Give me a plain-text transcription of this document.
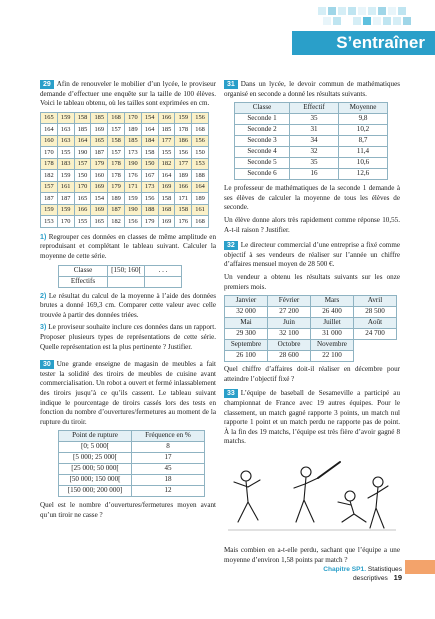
S’entraîner

29 Afin de renouveler le mobilier d’un lycée, le proviseur demande d’effectuer une enquête sur la taille de 100 élèves. Voici le tableau obtenu, où les tailles sont exprimées en cm.

165	159	158	185	168	170	154	166	159	156
164	163	185	169	157	189	164	185	178	168
160	163	164	165	158	185	184	177	186	156
170	155	190	187	157	173	158	155	156	150
178	183	157	179	178	190	150	182	177	153
182	159	150	160	178	176	167	164	189	188
157	161	170	169	179	171	173	169	166	164
187	187	165	154	189	159	156	158	171	189
159	159	166	169	187	190	188	168	158	161
153	170	155	165	182	156	179	169	176	168

1) Regrouper ces données en classes de même amplitude en reproduisant et complétant le tableau suivant. Calculer la moyenne de cette série.

Classe	[150; 160[	. . .
Effectifs		

2) Le résultat du calcul de la moyenne à l’aide des données brutes a donné 169,3 cm. Comparer cette valeur avec celle trouvée à partir des données triées.

3) Le proviseur souhaite inclure ces données dans un rapport. Proposer plusieurs types de représentations de cette série. Quelle représentation est la plus pertinente ? Justifier.

30 Une grande enseigne de magasin de meubles a fait tester la solidité des tiroirs de meubles de cuisine avant commercialisation. Un robot a ouvert et fermé inlassablement des tiroirs jusqu’à ce qu’ils cassent. Le tableau suivant indique le pourcentage de tiroirs cassés lors des tests en fonction du nombre d’ouvertures/fermetures au moment de la rupture du tiroir.

Point de rupture	Fréquence en %
[0; 5 000[	8
[5 000; 25 000[	17
[25 000; 50 000[	45
[50 000; 150 000[	18
[150 000; 200 000]	12

Quel est le nombre d’ouvertures/fermetures moyen avant qu’un tiroir ne casse ?

31 Dans un lycée, le devoir commun de mathématiques organisé en seconde a donné les résultats suivants.

Classe	Effectif	Moyenne
Seconde 1	35	9,8
Seconde 2	31	10,2
Seconde 3	34	8,7
Seconde 4	32	11,4
Seconde 5	35	10,6
Seconde 6	16	12,6

Le professeur de mathématiques de la seconde 1 demande à ses élèves de calculer la moyenne de tous les élèves de seconde.

Un élève donne alors très rapidement comme réponse 10,55. A-t-il raison ? Justifier.

32 Le directeur commercial d’une entreprise a fixé comme objectif à ses vendeurs de réaliser sur l’année un chiffre d’affaires mensuel moyen de 28 500 €.

Un vendeur a obtenu les résultats suivants sur les onze premiers mois.

Janvier	Février	Mars	Avril
32 000	27 200	26 400	28 500
Mai	Juin	Juillet	Août
29 300	32 100	31 000	24 700
Septembre	Octobre	Novembre	
26 100	28 600	22 100	

Quel chiffre d’affaires doit-il réaliser en décembre pour atteindre l’objectif fixé ?

33 L’équipe de baseball de Sesameville a participé au championnat de France avec 19 autres équipes. Pour le classement, un match gagné rapporte 3 points, un match nul rapporte 1 point et un match perdu ne rapporte pas de point. À la fin des 19 matchs, l’équipe est très fière d’avoir gagné 8 matchs.

Mais combien en a-t-elle perdu, sachant que l’équipe a une moyenne d’environ 1,58 points par match ?

Chapitre SP1. Statistiques descriptives 19
